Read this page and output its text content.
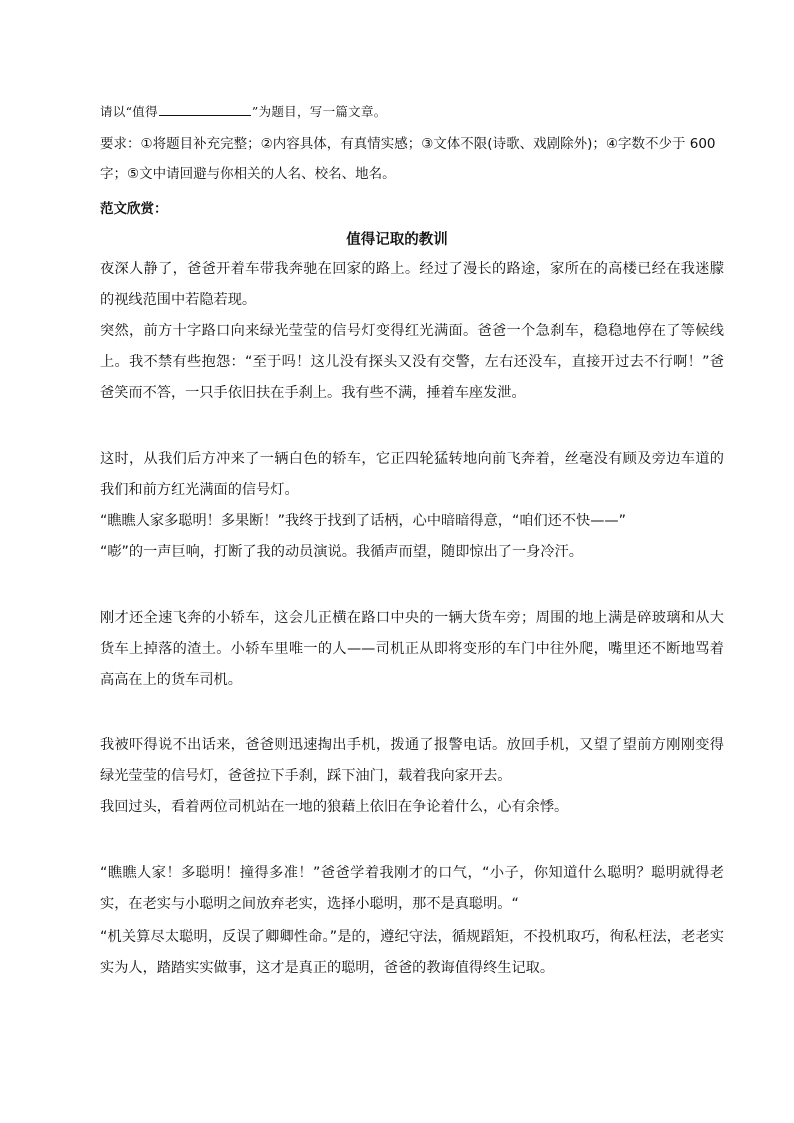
请以“值得	”为题目，写一篇文章。
要求：①将题目补充完整；②内容具体，有真情实感；③文体不限(诗歌、戏剧除外)；④字数不少于 600
字；⑤文中请回避与你相关的人名、校名、地名。
范文欣赏：
值得记取的教训
夜深人静了，爸爸开着车带我奔驰在回家的路上。经过了漫长的路途，家所在的高楼已经在我迷朦的视线范围中若隐若现。
突然，前方十字路口向来绿光莹莹的信号灯变得红光满面。爸爸一个急刹车，稳稳地停在了等候线上。我不禁有些抱怨：“至于吗！这儿没有探头又没有交警，左右还没车，直接开过去不行啊！”爸爸笑而不答，一只手依旧扶在手刹上。我有些不满，捶着车座发泄。
这时，从我们后方冲来了一辆白色的轿车，它正四轮猛转地向前飞奔着，丝毫没有顾及旁边车道的我们和前方红光满面的信号灯。
“瞧瞧人家多聪明！多果断！”我终于找到了话柄，心中暗暗得意，“咱们还不快——”
“嘭”的一声巨响，打断了我的动员演说。我循声而望，随即惊出了一身冷汗。
刚才还全速飞奔的小轿车，这会儿正横在路口中央的一辆大货车旁；周围的地上满是碎玻璃和从大货车上掉落的渣土。小轿车里唯一的人——司机正从即将变形的车门中往外爬，嘴里还不断地骂着高高在上的货车司机。
我被吓得说不出话来，爸爸则迅速掏出手机，拨通了报警电话。放回手机，又望了望前方刚刚变得绿光莹莹的信号灯，爸爸拉下手刹，踩下油门，载着我向家开去。
我回过头，看着两位司机站在一地的狼藉上依旧在争论着什么，心有余悸。
“瞧瞧人家！多聪明！撞得多准！”爸爸学着我刚才的口气，“小子，你知道什么聪明？聪明就得老实，在老实与小聪明之间放弃老实，选择小聪明，那不是真聪明。“
“机关算尽太聪明，反误了卿卿性命。”是的，遵纪守法，循规蹈矩，不投机取巧，徇私枉法，老老实实为人，踏踏实实做事，这才是真正的聪明，爸爸的教诲值得终生记取。
